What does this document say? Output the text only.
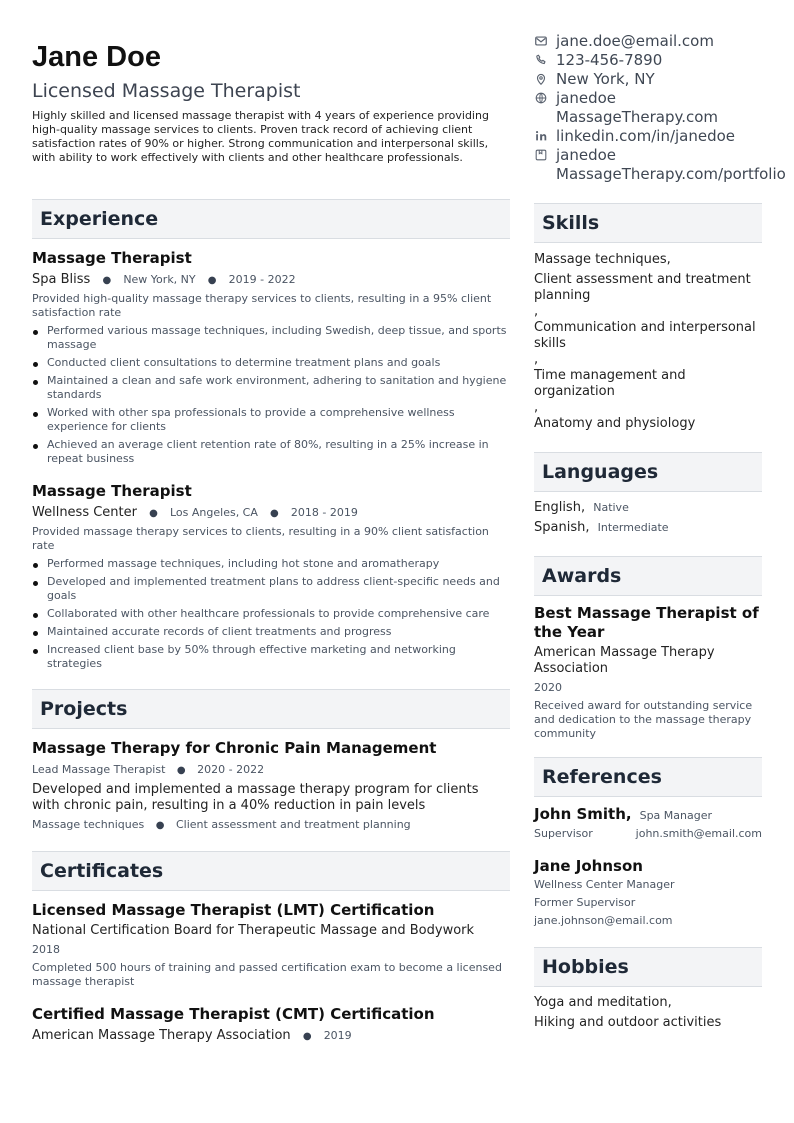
Jane Doe
Licensed Massage Therapist
Highly skilled and licensed massage therapist with 4 years of experience providing high-quality massage services to clients. Proven track record of achieving client satisfaction rates of 90% or higher. Strong communication and interpersonal skills, with ability to work effectively with clients and other healthcare professionals.
Experience
Massage Therapist
Spa Bliss ● New York, NY ● 2019 - 2022
Provided high-quality massage therapy services to clients, resulting in a 95% client satisfaction rate
Performed various massage techniques, including Swedish, deep tissue, and sports massage
Conducted client consultations to determine treatment plans and goals
Maintained a clean and safe work environment, adhering to sanitation and hygiene standards
Worked with other spa professionals to provide a comprehensive wellness experience for clients
Achieved an average client retention rate of 80%, resulting in a 25% increase in repeat business
Massage Therapist
Wellness Center ● Los Angeles, CA ● 2018 - 2019
Provided massage therapy services to clients, resulting in a 90% client satisfaction rate
Performed massage techniques, including hot stone and aromatherapy
Developed and implemented treatment plans to address client-specific needs and goals
Collaborated with other healthcare professionals to provide comprehensive care
Maintained accurate records of client treatments and progress
Increased client base by 50% through effective marketing and networking strategies
Projects
Massage Therapy for Chronic Pain Management
Lead Massage Therapist ● 2020 - 2022
Developed and implemented a massage therapy program for clients with chronic pain, resulting in a 40% reduction in pain levels
Massage techniques ● Client assessment and treatment planning
Certificates
Licensed Massage Therapist (LMT) Certification
National Certification Board for Therapeutic Massage and Bodywork
2018
Completed 500 hours of training and passed certification exam to become a licensed massage therapist
Certified Massage Therapist (CMT) Certification
American Massage Therapy Association ● 2019
jane.doe@email.com
123-456-7890
New York, NY
janedoe
MassageTherapy.com
linkedin.com/in/janedoe
janedoe
MassageTherapy.com/portfolio
Skills
Massage techniques,
Client assessment and treatment planning
,
Communication and interpersonal skills
,
Time management and organization
,
Anatomy and physiology
Languages
English, Native
Spanish, Intermediate
Awards
Best Massage Therapist of the Year
American Massage Therapy Association
2020
Received award for outstanding service and dedication to the massage therapy community
References
John Smith, Spa Manager
Supervisor	john.smith@email.com
Jane Johnson
Wellness Center Manager
Former Supervisor
jane.johnson@email.com
Hobbies
Yoga and meditation,
Hiking and outdoor activities
